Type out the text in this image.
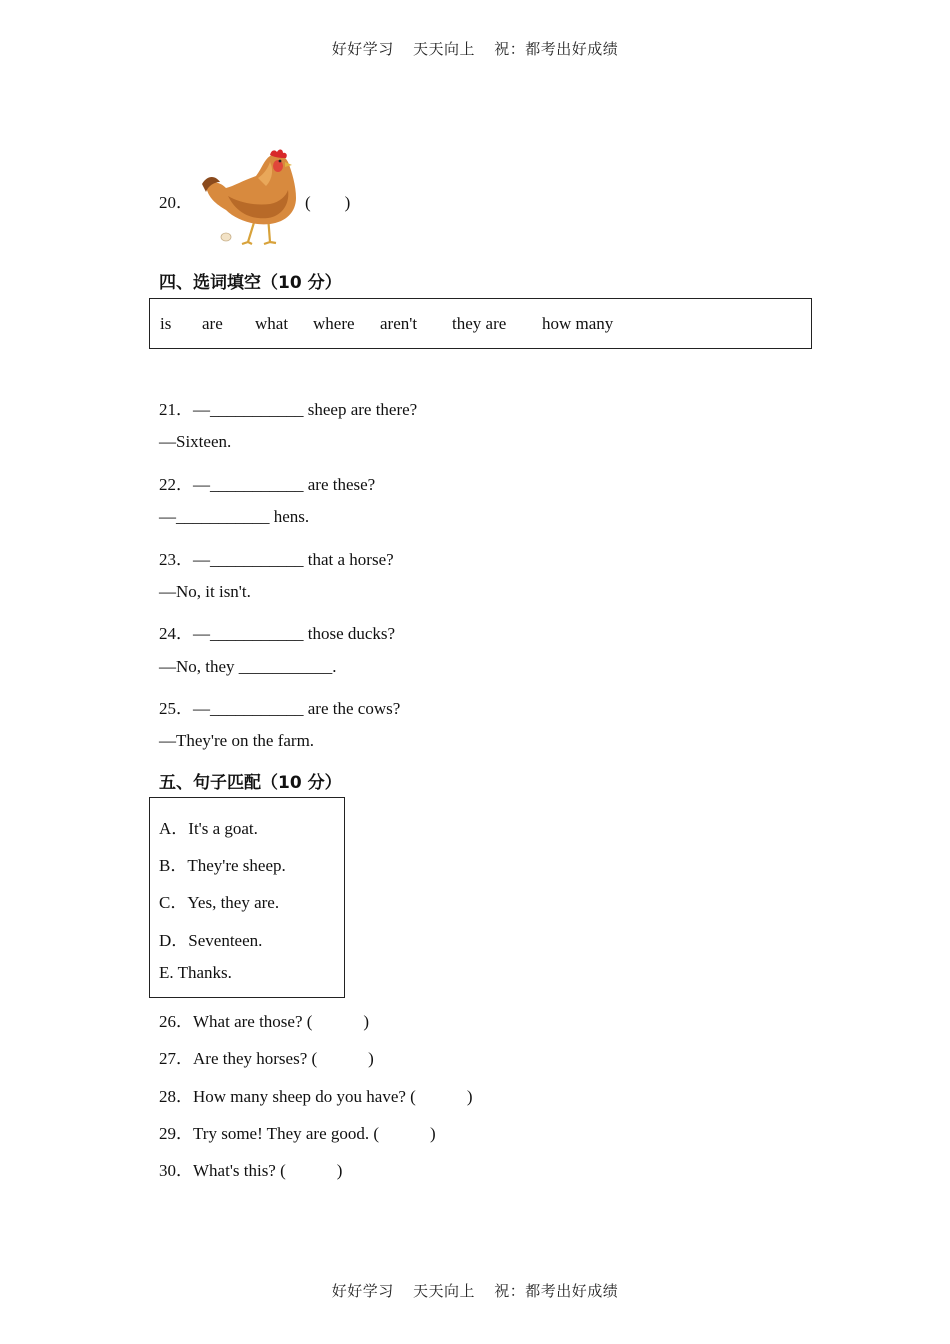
好好学习 天天向上 祝：都考出好成绩
20．	(　　)
四、选词填空（10 分）
is are what where aren't they are how many
21．—___________ sheep are there?
—Sixteen.
22．—___________ are these?
—___________ hens.
23．—___________ that a horse?
—No, it isn't.
24．—___________ those ducks?
—No, they ___________.
25．—___________ are the cows?
—They're on the farm.
五、句子匹配（10 分）
A．It's a goat.
B．They're sheep.
C．Yes, they are.
D．Seventeen.
E. Thanks.
26．What are those? (　　　)
27．Are they horses? (　　　)
28．How many sheep do you have? (　　　)
29．Try some! They are good. (　　　)
30．What's this? (　　　)
好好学习 天天向上 祝：都考出好成绩
